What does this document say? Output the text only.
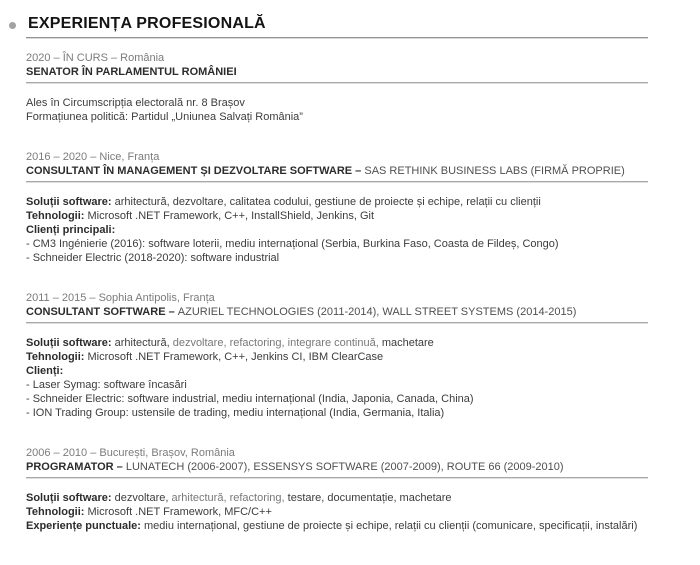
EXPERIENȚA PROFESIONALĂ
2020 – ÎN CURS – România
SENATOR ÎN PARLAMENTUL ROMÂNIEI

Ales în Circumscripția electorală nr. 8 Brașov

Formațiunea politică: Partidul „Uniunea Salvați România”

2016 – 2020 – Nice, Franța
CONSULTANT ÎN MANAGEMENT ȘI DEZVOLTARE SOFTWARE – SAS RETHINK BUSINESS LABS (FIRMĂ PROPRIE)

Soluții software: arhitectură, dezvoltare, calitatea codului, gestiune de proiecte și echipe, relații cu clienții

Tehnologii: Microsoft .NET Framework, C++, InstallShield, Jenkins, Git

Clienți principali:

- CM3 Ingénierie (2016): software loterii, mediu internațional (Serbia, Burkina Faso, Coasta de Fildeș, Congo)

- Schneider Electric (2018-2020): software industrial

2011 – 2015 – Sophia Antipolis, Franța
CONSULTANT SOFTWARE – AZURIEL TECHNOLOGIES (2011-2014), WALL STREET SYSTEMS (2014-2015)

Soluții software: arhitectură, dezvoltare, refactoring, integrare continuă, machetare

Tehnologii: Microsoft .NET Framework, C++, Jenkins CI, IBM ClearCase

Clienți:

- Laser Symag: software încasări

- Schneider Electric: software industrial, mediu internațional (India, Japonia, Canada, China)

- ION Trading Group: ustensile de trading, mediu internațional (India, Germania, Italia)

2006 – 2010 – București, Brașov, România
PROGRAMATOR – LUNATECH (2006-2007), ESSENSYS SOFTWARE (2007-2009), ROUTE 66 (2009-2010)

Soluții software: dezvoltare, arhitectură, refactoring, testare, documentație, machetare

Tehnologii: Microsoft .NET Framework, MFC/C++

Experiențe punctuale: mediu internațional, gestiune de proiecte și echipe, relații cu clienții (comunicare, specificații, instalări)
